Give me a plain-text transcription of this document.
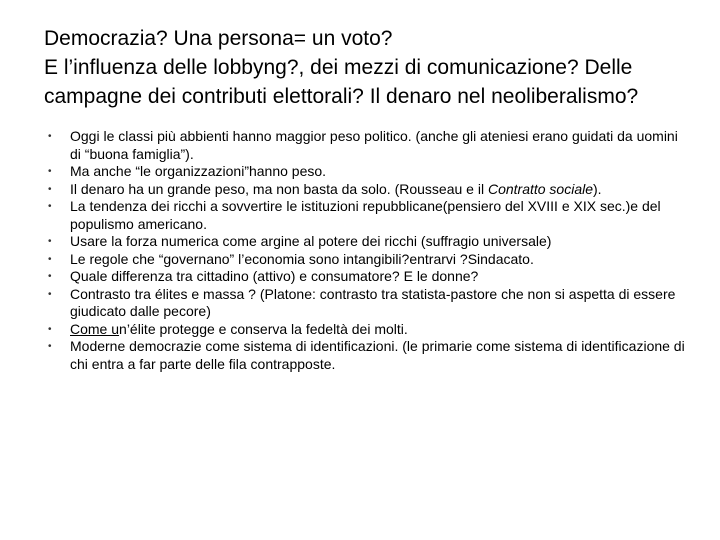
Democrazia? Una persona= un voto?
E l’influenza delle lobbyng?, dei mezzi di comunicazione? Delle
campagne dei contributi elettorali? Il denaro nel neoliberalismo?
•	Oggi le classi più abbienti hanno maggior peso politico. (anche gli ateniesi erano guidati da uomini di “buona famiglia”).
•	Ma anche “le organizzazioni”hanno peso.
•	Il denaro ha un grande peso, ma non basta da solo. (Rousseau e il Contratto sociale).
•	La tendenza dei ricchi a sovvertire le istituzioni repubblicane(pensiero del XVIII e XIX sec.)e del populismo americano.
•	Usare la forza numerica come argine al potere dei ricchi (suffragio universale)
•	Le regole che “governano” l’economia sono intangibili?entrarvi ?Sindacato.
•	Quale differenza tra cittadino (attivo) e consumatore? E le donne?
•	Contrasto tra élites e massa ? (Platone: contrasto tra statista-pastore che non si aspetta di essere giudicato dalle pecore)
•	Come un’élite protegge e conserva la fedeltà dei molti.
•	Moderne democrazie come sistema di identificazioni. (le primarie come sistema di identificazione di chi entra a far parte delle fila contrapposte.
